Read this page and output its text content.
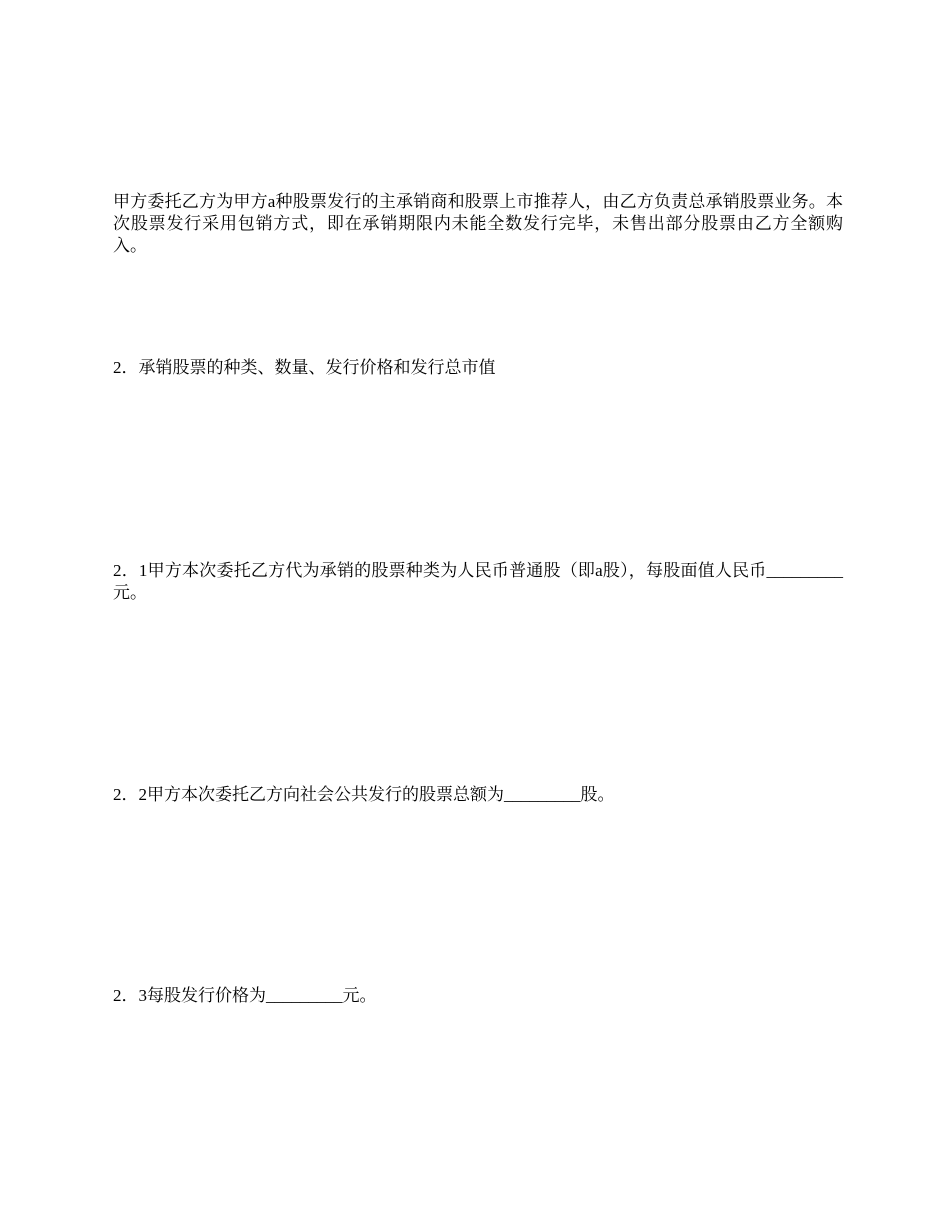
甲方委托乙方为甲方a种股票发行的主承销商和股票上市推荐人，由乙方负责总承销股票业务。本次股票发行采用包销方式，即在承销期限内未能全数发行完毕，未售出部分股票由乙方全额购入。

2．承销股票的种类、数量、发行价格和发行总市值

2．1甲方本次委托乙方代为承销的股票种类为人民币普通股（即a股），每股面值人民币_________元。

2．2甲方本次委托乙方向社会公共发行的股票总额为_________股。

2．3每股发行价格为_________元。
